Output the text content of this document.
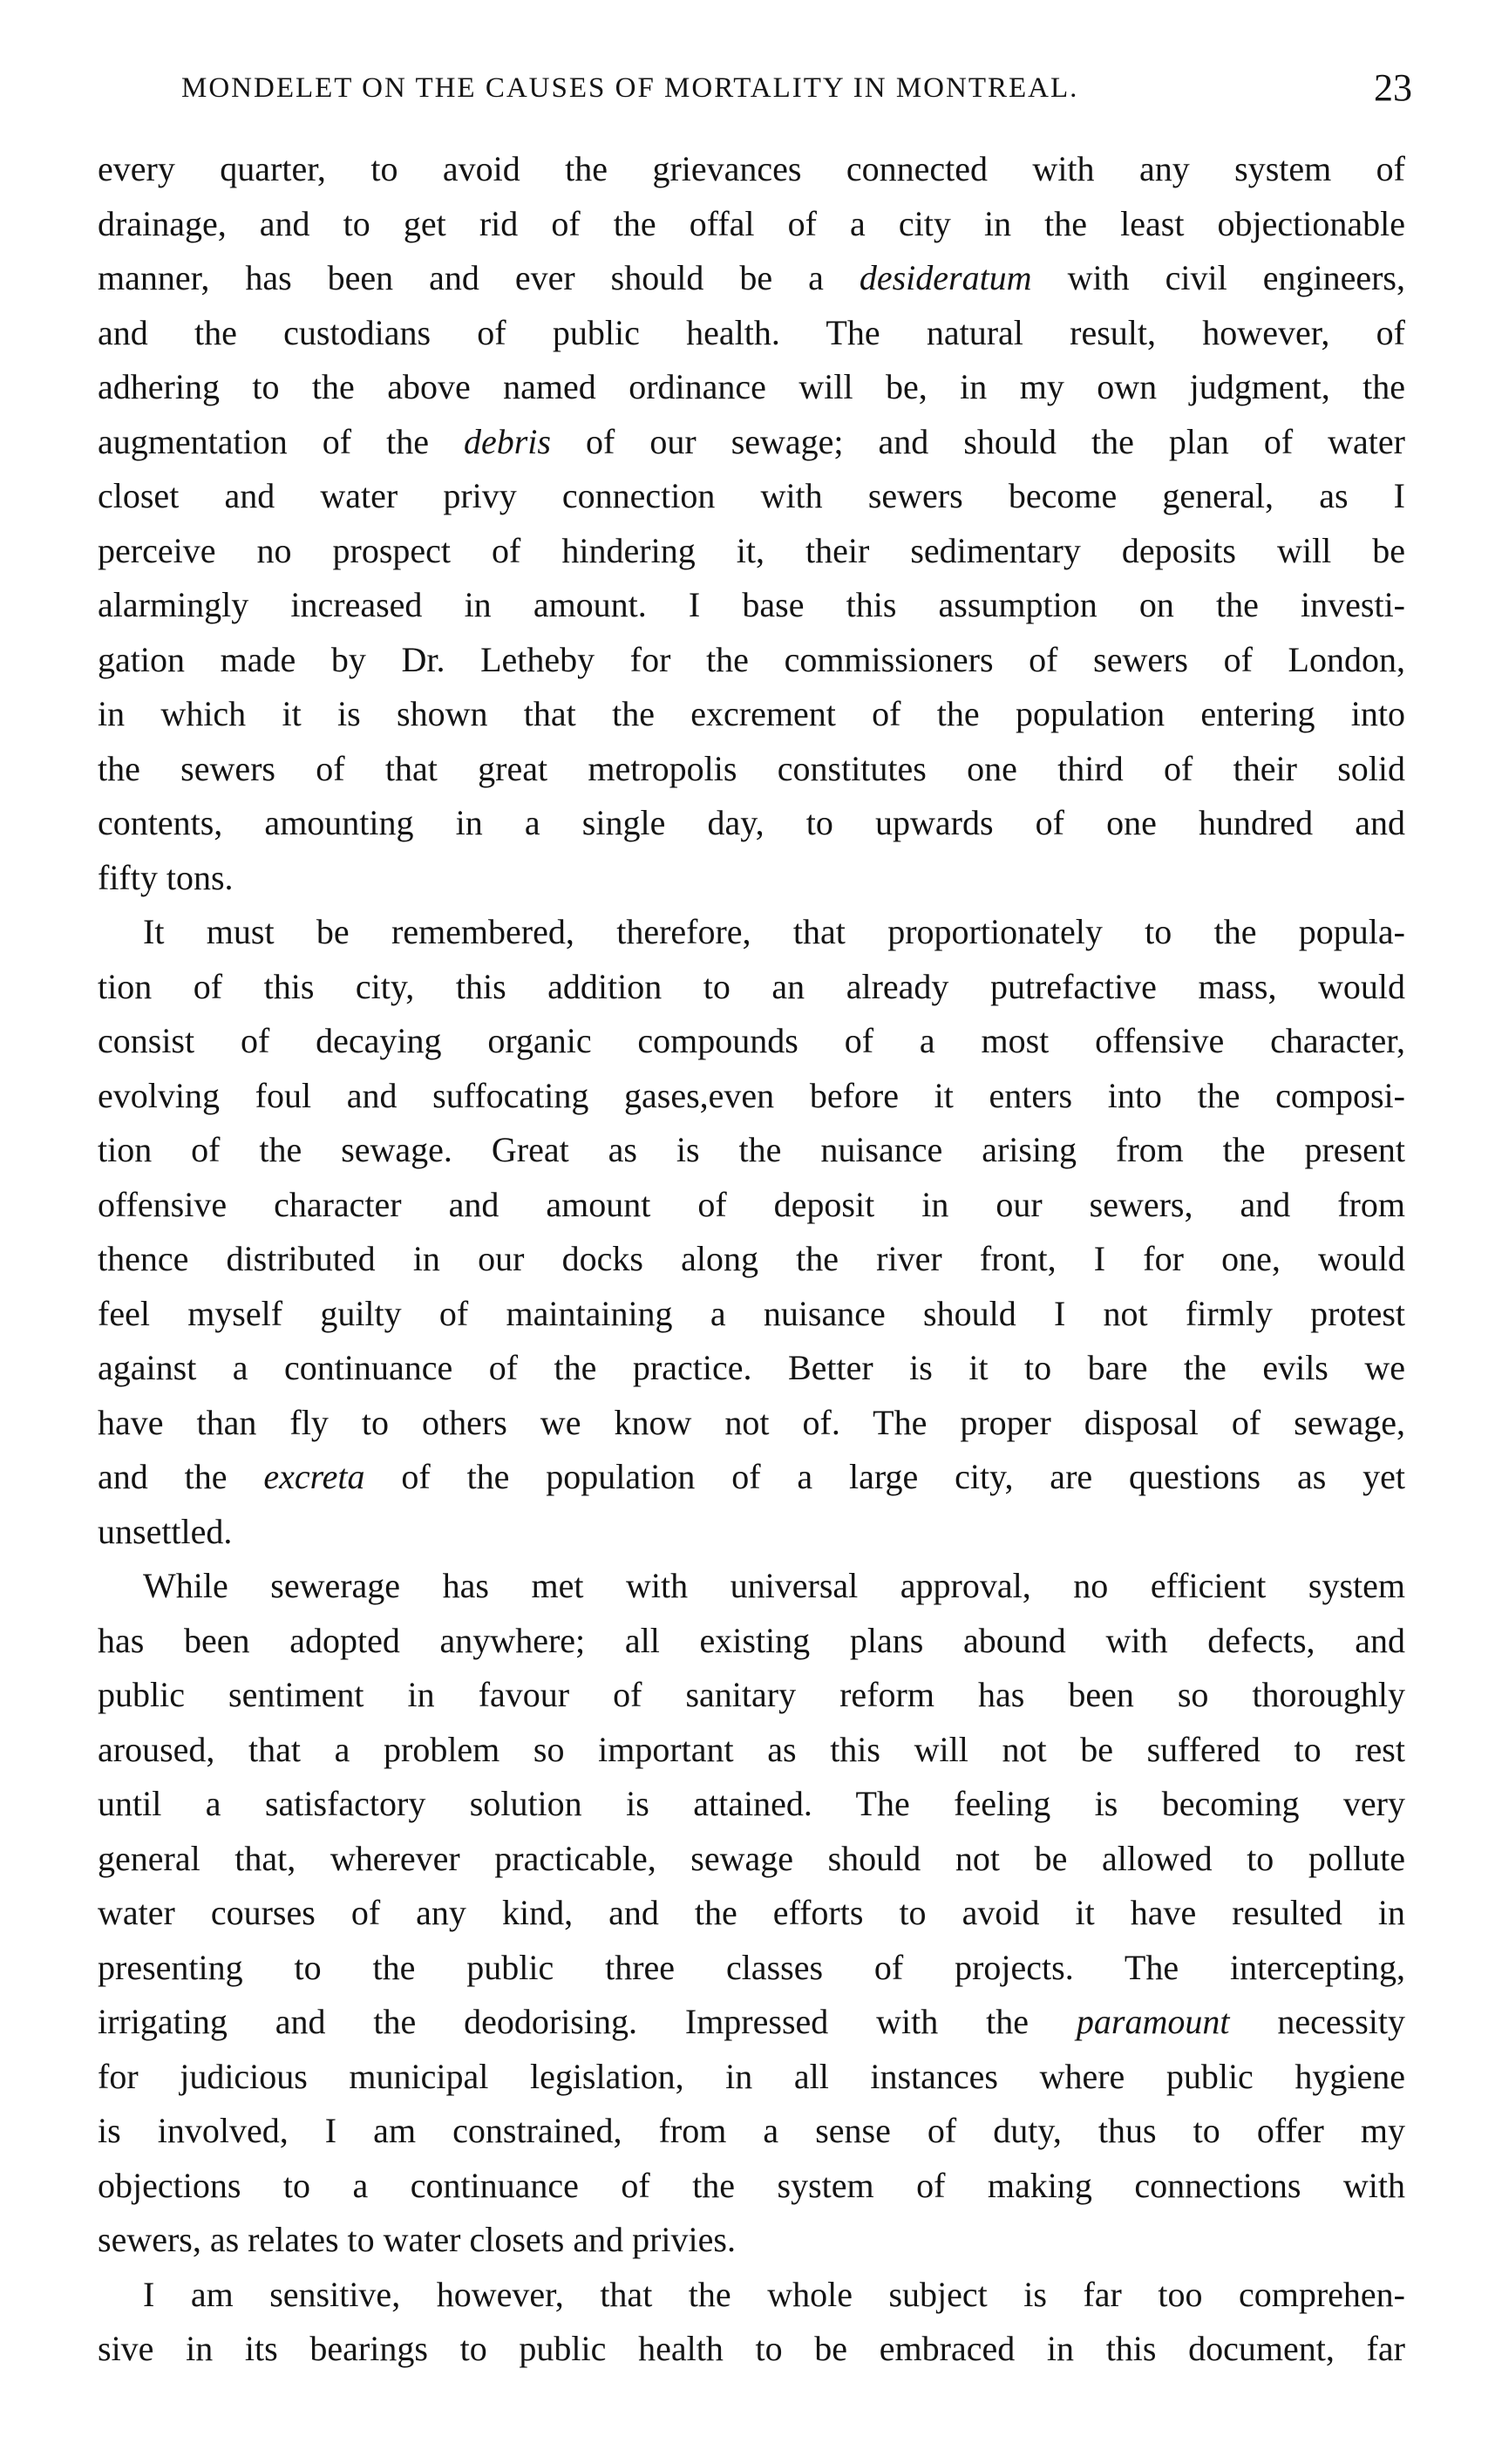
MONDELET ON THE CAUSES OF MORTALITY IN MONTREAL.	23
every quarter, to avoid the grievances connected with any system of
drainage, and to get rid of the offal of a city in the least objectionable
manner, has been and ever should be a desideratum with civil engineers,
and the custodians of public health. The natural result, however, of
adhering to the above named ordinance will be, in my own judgment, the
augmentation of the debris of our sewage; and should the plan of water
closet and water privy connection with sewers become general, as I
perceive no prospect of hindering it, their sedimentary deposits will be
alarmingly increased in amount. I base this assumption on the investi-
gation made by Dr. Letheby for the commissioners of sewers of London,
in which it is shown that the excrement of the population entering into
the sewers of that great metropolis constitutes one third of their solid
contents, amounting in a single day, to upwards of one hundred and
fifty tons.
It must be remembered, therefore, that proportionately to the popula-
tion of this city, this addition to an already putrefactive mass, would
consist of decaying organic compounds of a most offensive character,
evolving foul and suffocating gases,even before it enters into the composi-
tion of the sewage. Great as is the nuisance arising from the present
offensive character and amount of deposit in our sewers, and from
thence distributed in our docks along the river front, I for one, would
feel myself guilty of maintaining a nuisance should I not firmly protest
against a continuance of the practice. Better is it to bare the evils we
have than fly to others we know not of. The proper disposal of sewage,
and the excreta of the population of a large city, are questions as yet
unsettled.
While sewerage has met with universal approval, no efficient system
has been adopted anywhere; all existing plans abound with defects, and
public sentiment in favour of sanitary reform has been so thoroughly
aroused, that a problem so important as this will not be suffered to rest
until a satisfactory solution is attained. The feeling is becoming very
general that, wherever practicable, sewage should not be allowed to pollute
water courses of any kind, and the efforts to avoid it have resulted in
presenting to the public three classes of projects. The intercepting,
irrigating and the deodorising. Impressed with the paramount necessity
for judicious municipal legislation, in all instances where public hygiene
is involved, I am constrained, from a sense of duty, thus to offer my
objections to a continuance of the system of making connections with
sewers, as relates to water closets and privies.
I am sensitive, however, that the whole subject is far too comprehen-
sive in its bearings to public health to be embraced in this document, far
